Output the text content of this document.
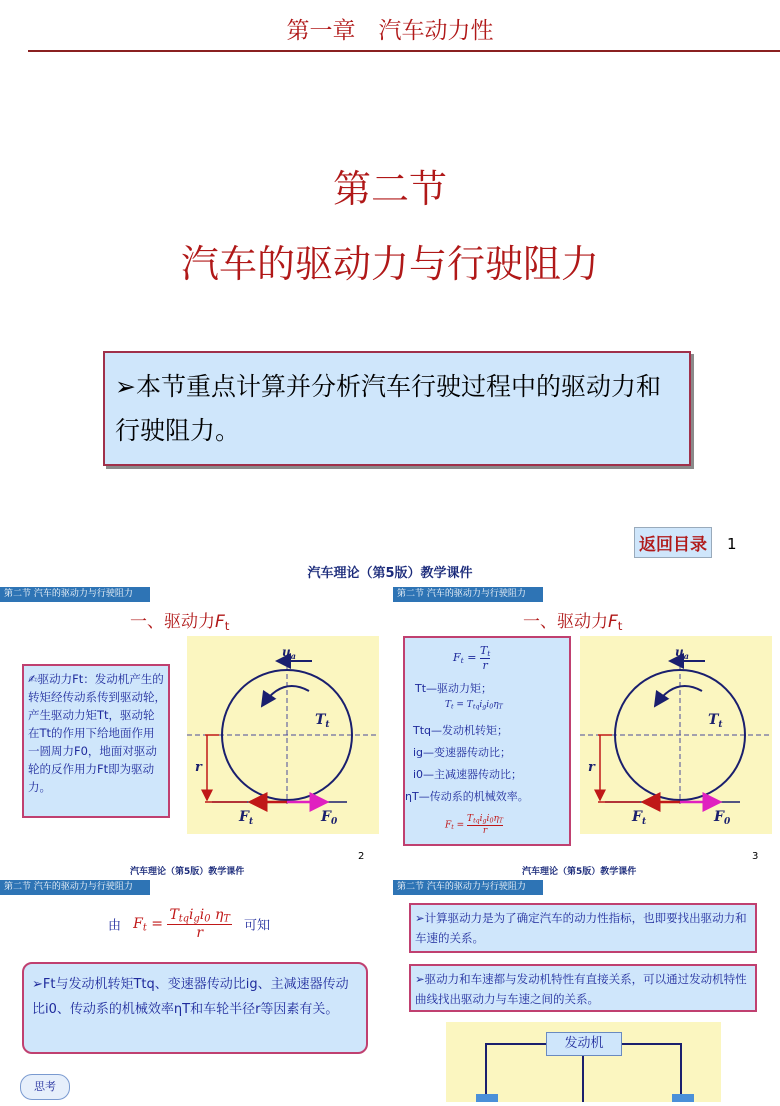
第一章　汽车动力性
第二节
汽车的驱动力与行驶阻力
➢本节重点计算并分析汽车行驶过程中的驱动力和行驶阻力。
返回目录	1
汽车理论（第5版）教学课件
第二节 汽车的驱动力与行驶阻力
一、驱动力$F_t$
✍驱动力Ft：发动机产生的转矩经传动系传到驱动轮，产生驱动力矩Tt，驱动轮在Tt的作用下给地面作用一圆周力F0，地面对驱动轮的反作用力Ft即为驱动力。
$u_a$
$T_t$
r
$F_t$	$F_0$
2
汽车理论（第5版）教学课件
第二节 汽车的驱动力与行驶阻力
一、驱动力$F_t$
$F_t = \frac{T_t}{r}$
Tt—驱动力矩；
$T_t = T_{tq}i_gi_0\eta_T$
Ttq—发动机转矩；
ig—变速器传动比；
i0—主减速器传动比；
ηT—传动系的机械效率。
$F_t$ =
$T_{tq}i_gi_0\eta_T$
r
$u_a$
$T_t$
r
$F_t$	$F_0$
3
汽车理论（第5版）教学课件
第二节 汽车的驱动力与行驶阻力
由 $F_t$ =
$T_{tq}i_gi_0$ $\eta_T$
r	可知
➢Ft与发动机转矩Ttq、变速器传动比ig、主减速器传动比i0、传动系的机械效率ηT和车轮半径r等因素有关。
思考
第二节 汽车的驱动力与行驶阻力
➢计算驱动力是为了确定汽车的动力性指标，也即要找出驱动力和车速的关系。
➢驱动力和车速都与发动机特性有直接关系，可以通过发动机特性曲线找出驱动力与车速之间的关系。
发动机
